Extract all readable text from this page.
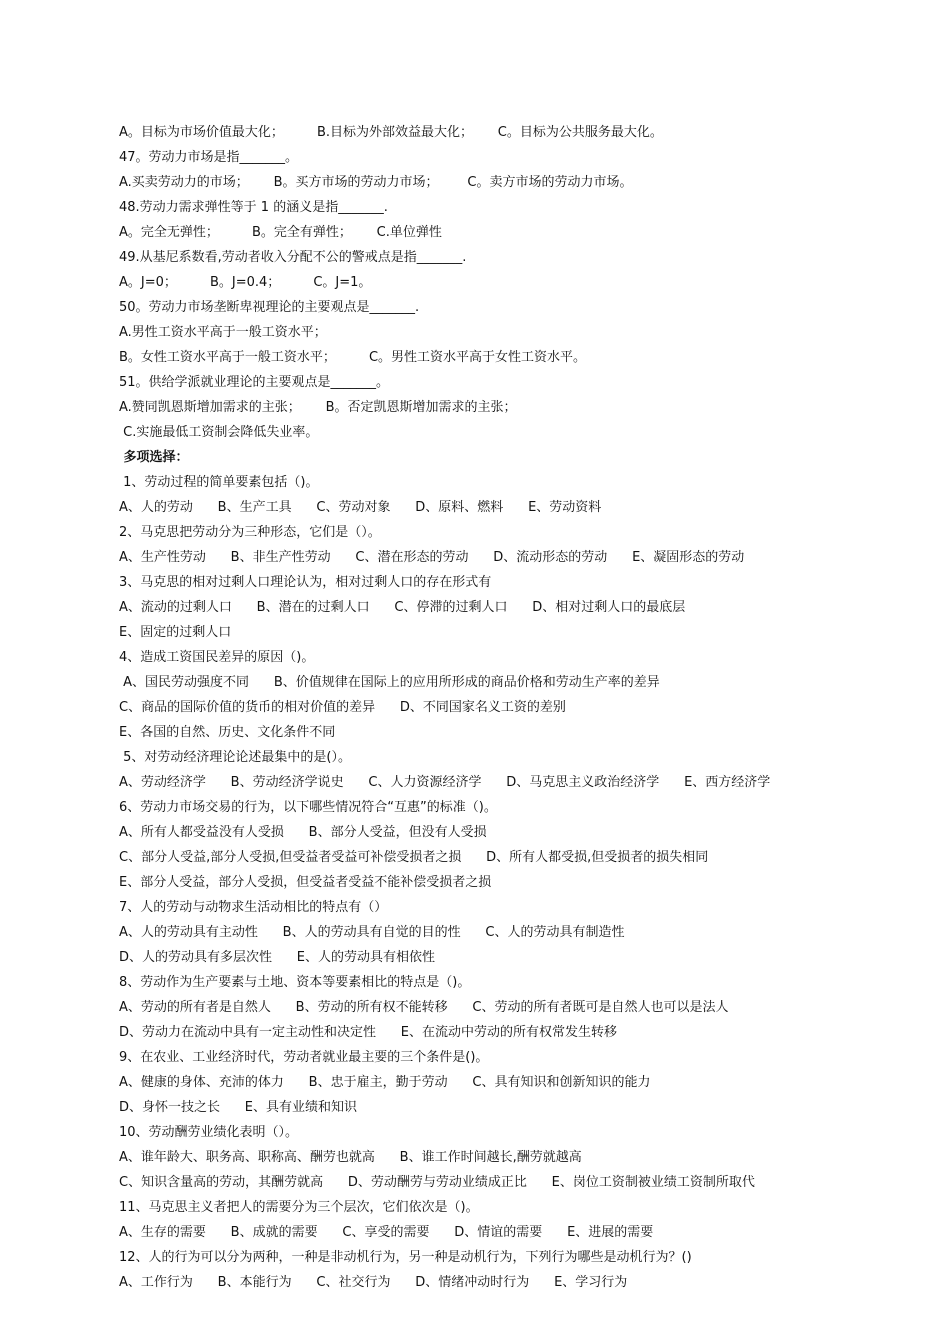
A。目标为市场价值最大化；        B.目标为外部效益最大化；      C。目标为公共服务最大化。
47。劳动力市场是指_______。
A.买卖劳动力的市场；      B。买方市场的劳动力市场；       C。卖方市场的劳动力市场。
48.劳动力需求弹性等于 1 的涵义是指_______.
A。完全无弹性；        B。完全有弹性；      C.单位弹性
49.从基尼系数看,劳动者收入分配不公的警戒点是指_______.
A。J=0；        B。J=0.4；        C。J=1。
50。劳动力市场垄断卑视理论的主要观点是_______.
A.男性工资水平高于一般工资水平；
B。女性工资水平高于一般工资水平；        C。男性工资水平高于女性工资水平。
51。供给学派就业理论的主要观点是_______。
A.赞同凯恩斯增加需求的主张；      B。否定凯恩斯增加需求的主张；
C.实施最低工资制会降低失业率。
多项选择：
1、劳动过程的简单要素包括（)。
A、人的劳动      B、生产工具      C、劳动对象      D、原料、燃料      E、劳动资料
2、马克思把劳动分为三种形态，它们是（）。
A、生产性劳动      B、非生产性劳动      C、潜在形态的劳动      D、流动形态的劳动      E、凝固形态的劳动
3、马克思的相对过剩人口理论认为，相对过剩人口的存在形式有
A、流动的过剩人口      B、潜在的过剩人口      C、停滞的过剩人口      D、相对过剩人口的最底层
E、固定的过剩人口
4、造成工资国民差异的原因（)。
A、国民劳动强度不同      B、价值规律在国际上的应用所形成的商品价格和劳动生产率的差异
C、商品的国际价值的货币的相对价值的差异      D、不同国家名义工资的差别
E、各国的自然、历史、文化条件不同
5、对劳动经济理论论述最集中的是(）。
A、劳动经济学      B、劳动经济学说史      C、人力资源经济学      D、马克思主义政治经济学      E、西方经济学
6、劳动力市场交易的行为，以下哪些情况符合“互惠”的标准（)。
A、所有人都受益没有人受损      B、部分人受益，但没有人受损
C、部分人受益,部分人受损,但受益者受益可补偿受损者之损      D、所有人都受损,但受损者的损失相同
E、部分人受益，部分人受损，但受益者受益不能补偿受损者之损
7、人的劳动与动物求生活动相比的特点有（）
A、人的劳动具有主动性      B、人的劳动具有自觉的目的性      C、人的劳动具有制造性
D、人的劳动具有多层次性      E、人的劳动具有相依性
8、劳动作为生产要素与土地、资本等要素相比的特点是（)。
A、劳动的所有者是自然人      B、劳动的所有权不能转移      C、劳动的所有者既可是自然人也可以是法人
D、劳动力在流动中具有一定主动性和决定性      E、在流动中劳动的所有权常发生转移
9、在农业、工业经济时代，劳动者就业最主要的三个条件是()。
A、健康的身体、充沛的体力      B、忠于雇主，勤于劳动      C、具有知识和创新知识的能力
D、身怀一技之长      E、具有业绩和知识
10、劳动酬劳业绩化表明（）。
A、谁年龄大、职务高、职称高、酬劳也就高      B、谁工作时间越长,酬劳就越高
C、知识含量高的劳动，其酬劳就高      D、劳动酬劳与劳动业绩成正比      E、岗位工资制被业绩工资制所取代
11、马克思主义者把人的需要分为三个层次，它们依次是（)。
A、生存的需要      B、成就的需要      C、享受的需要      D、情谊的需要      E、进展的需要
12、人的行为可以分为两种，一种是非动机行为，另一种是动机行为，下列行为哪些是动机行为？()
A、工作行为      B、本能行为      C、社交行为      D、情绪冲动时行为      E、学习行为
